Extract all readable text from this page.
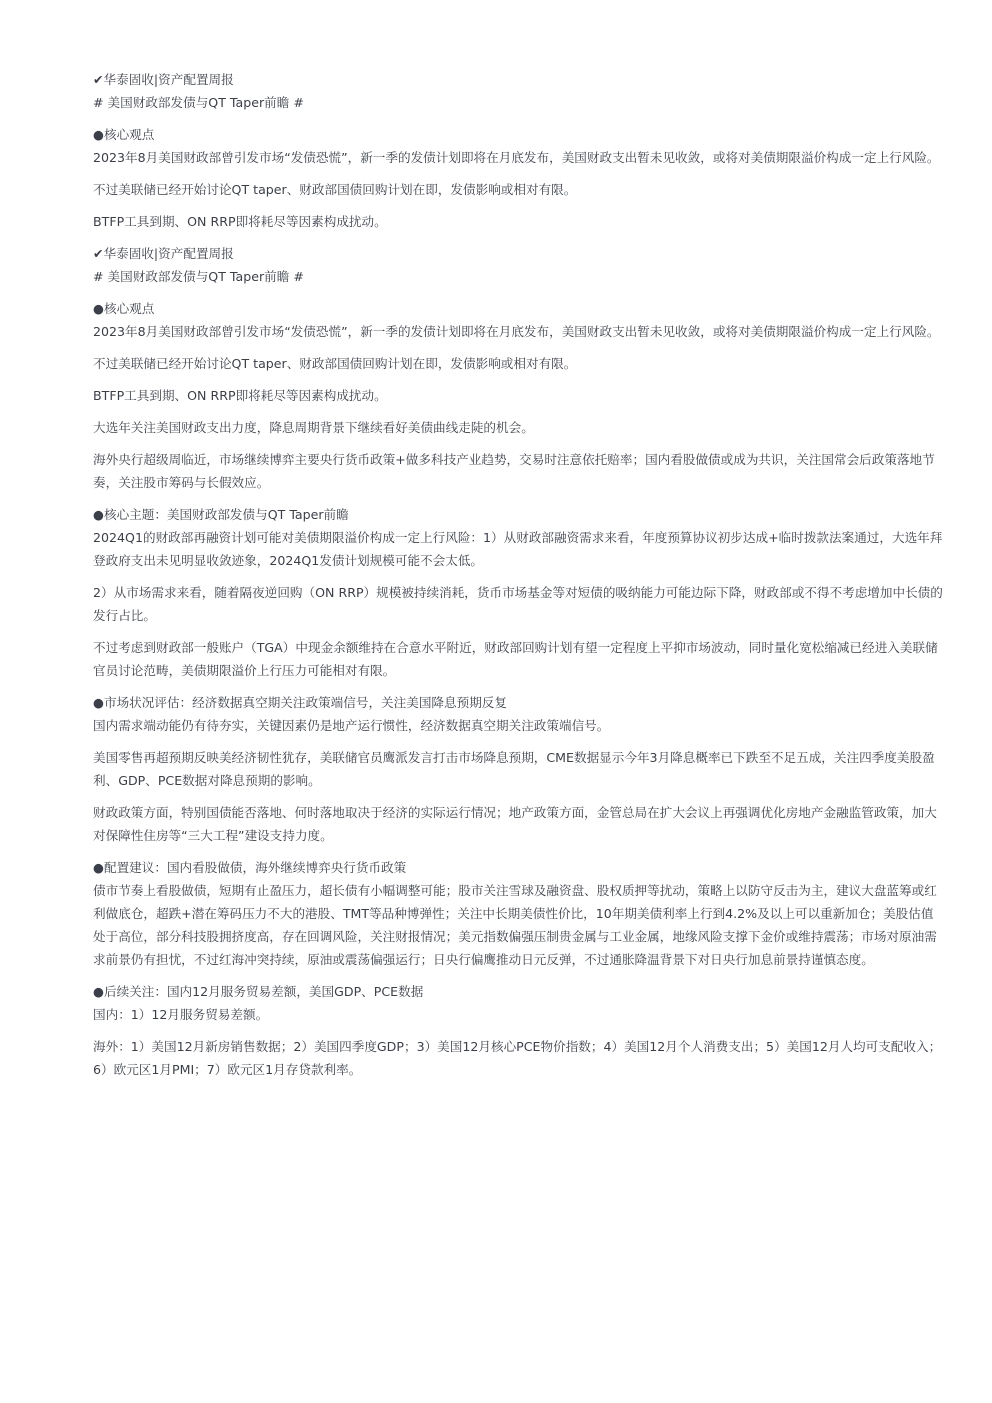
✔华泰固收|资产配置周报

# 美国财政部发债与QT Taper前瞻 #

●核心观点

2023年8月美国财政部曾引发市场“发债恐慌”，新一季的发债计划即将在月底发布，美国财政支出暂未见收敛，或将对美债期限溢价构成一定上行风险。

不过美联储已经开始讨论QT taper、财政部国债回购计划在即，发债影响或相对有限。

BTFP工具到期、ON RRP即将耗尽等因素构成扰动。

✔华泰固收|资产配置周报

# 美国财政部发债与QT Taper前瞻 #

●核心观点

2023年8月美国财政部曾引发市场“发债恐慌”，新一季的发债计划即将在月底发布，美国财政支出暂未见收敛，或将对美债期限溢价构成一定上行风险。

不过美联储已经开始讨论QT taper、财政部国债回购计划在即，发债影响或相对有限。

BTFP工具到期、ON RRP即将耗尽等因素构成扰动。

大选年关注美国财政支出力度，降息周期背景下继续看好美债曲线走陡的机会。

海外央行超级周临近，市场继续博弈主要央行货币政策+做多科技产业趋势，交易时注意依托赔率；国内看股做债或成为共识，关注国常会后政策落地节奏，关注股市筹码与长假效应。

●核心主题：美国财政部发债与QT Taper前瞻

2024Q1的财政部再融资计划可能对美债期限溢价构成一定上行风险：1）从财政部融资需求来看，年度预算协议初步达成+临时拨款法案通过，大选年拜登政府支出未见明显收敛迹象，2024Q1发债计划规模可能不会太低。

2）从市场需求来看，随着隔夜逆回购（ON RRP）规模被持续消耗，货币市场基金等对短债的吸纳能力可能边际下降，财政部或不得不考虑增加中长债的发行占比。

不过考虑到财政部一般账户（TGA）中现金余额维持在合意水平附近，财政部回购计划有望一定程度上平抑市场波动，同时量化宽松缩减已经进入美联储官员讨论范畴，美债期限溢价上行压力可能相对有限。

●市场状况评估：经济数据真空期关注政策端信号，关注美国降息预期反复

国内需求端动能仍有待夯实，关键因素仍是地产运行惯性，经济数据真空期关注政策端信号。

美国零售再超预期反映美经济韧性犹存，美联储官员鹰派发言打击市场降息预期，CME数据显示今年3月降息概率已下跌至不足五成，关注四季度美股盈利、GDP、PCE数据对降息预期的影响。

财政政策方面，特别国债能否落地、何时落地取决于经济的实际运行情况；地产政策方面，金管总局在扩大会议上再强调优化房地产金融监管政策，加大对保障性住房等“三大工程”建设支持力度。

●配置建议：国内看股做债，海外继续博弈央行货币政策

债市节奏上看股做债，短期有止盈压力，超长债有小幅调整可能；股市关注雪球及融资盘、股权质押等扰动，策略上以防守反击为主，建议大盘蓝筹或红利做底仓，超跌+潜在筹码压力不大的港股、TMT等品种博弹性；关注中长期美债性价比，10年期美债利率上行到4.2%及以上可以重新加仓；美股估值处于高位，部分科技股拥挤度高，存在回调风险，关注财报情况；美元指数偏强压制贵金属与工业金属，地缘风险支撑下金价或维持震荡；市场对原油需求前景仍有担忧，不过红海冲突持续，原油或震荡偏强运行；日央行偏鹰推动日元反弹，不过通胀降温背景下对日央行加息前景持谨慎态度。

●后续关注：国内12月服务贸易差额，美国GDP、PCE数据

国内：1）12月服务贸易差额。

海外：1）美国12月新房销售数据；2）美国四季度GDP；3）美国12月核心PCE物价指数；4）美国12月个人消费支出；5）美国12月人均可支配收入；6）欧元区1月PMI；7）欧元区1月存贷款利率。
